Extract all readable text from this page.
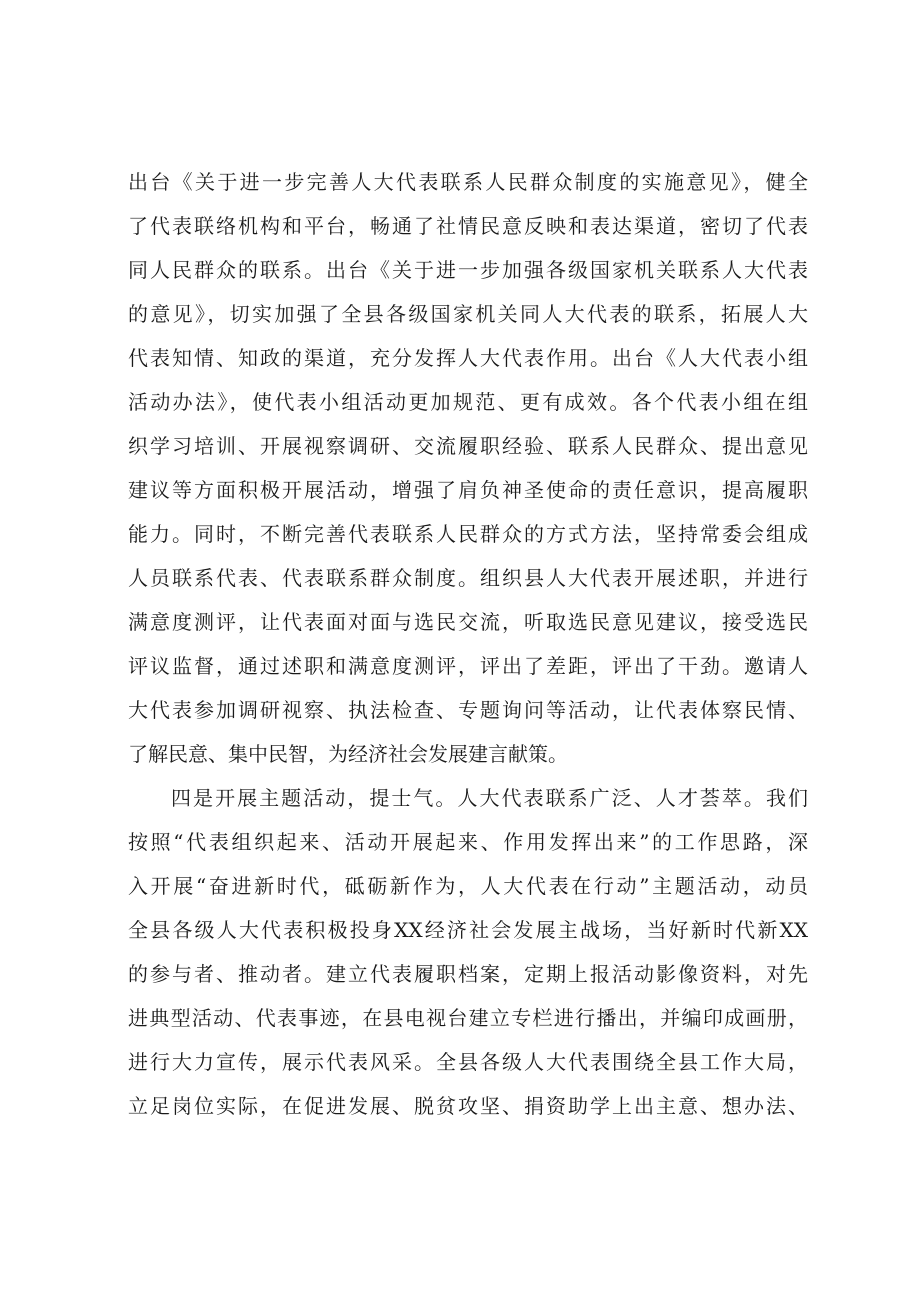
出台《关于进一步完善人大代表联系人民群众制度的实施意见》，健全
了代表联络机构和平台，畅通了社情民意反映和表达渠道，密切了代表
同人民群众的联系。出台《关于进一步加强各级国家机关联系人大代表
的意见》，切实加强了全县各级国家机关同人大代表的联系，拓展人大
代表知情、知政的渠道，充分发挥人大代表作用。出台《人大代表小组
活动办法》，使代表小组活动更加规范、更有成效。各个代表小组在组
织学习培训、开展视察调研、交流履职经验、联系人民群众、提出意见
建议等方面积极开展活动，增强了肩负神圣使命的责任意识，提高履职
能力。同时，不断完善代表联系人民群众的方式方法，坚持常委会组成
人员联系代表、代表联系群众制度。组织县人大代表开展述职，并进行
满意度测评，让代表面对面与选民交流，听取选民意见建议，接受选民
评议监督，通过述职和满意度测评，评出了差距，评出了干劲。邀请人
大代表参加调研视察、执法检查、专题询问等活动，让代表体察民情、
了解民意、集中民智，为经济社会发展建言献策。
四是开展主题活动，提士气。人大代表联系广泛、人才荟萃。我们
按照“代表组织起来、活动开展起来、作用发挥出来”的工作思路，深
入开展“奋进新时代，砥砺新作为，人大代表在行动”主题活动，动员
全县各级人大代表积极投身XX经济社会发展主战场，当好新时代新XX
的参与者、推动者。建立代表履职档案，定期上报活动影像资料，对先
进典型活动、代表事迹，在县电视台建立专栏进行播出，并编印成画册，
进行大力宣传，展示代表风采。全县各级人大代表围绕全县工作大局，
立足岗位实际，在促进发展、脱贫攻坚、捐资助学上出主意、想办法、
